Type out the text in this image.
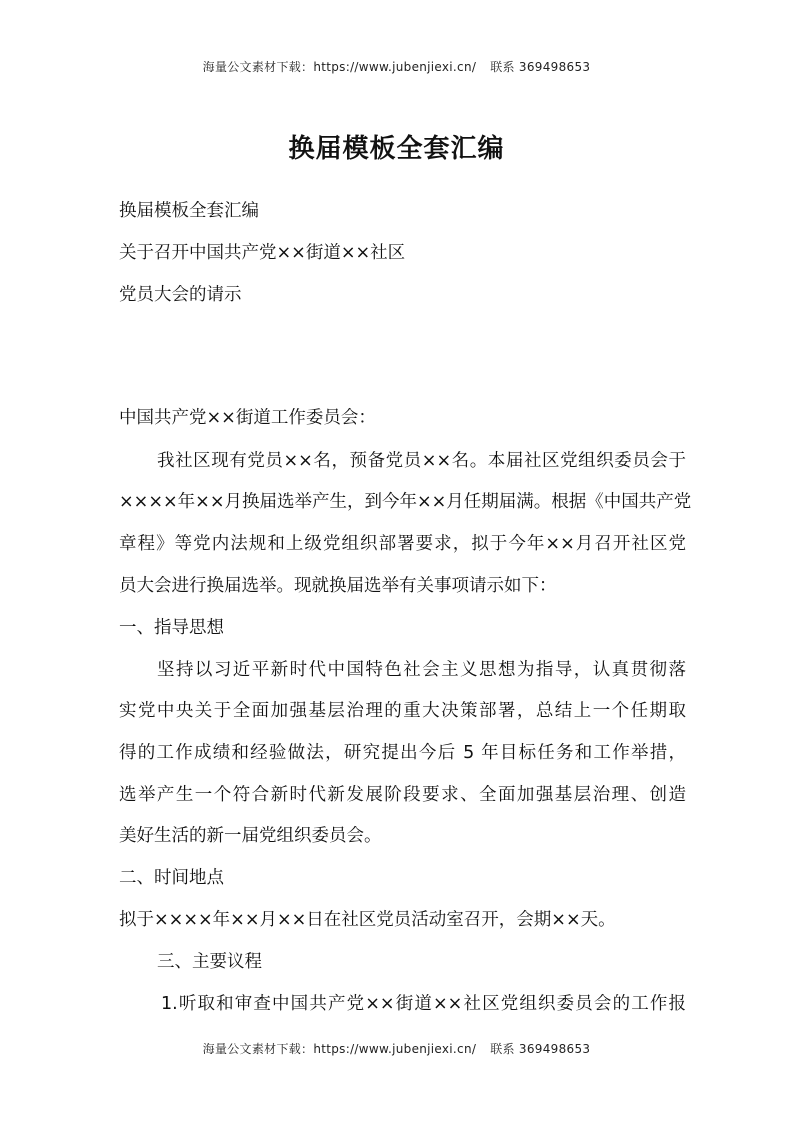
海量公文素材下载：https://www.jubenjiexi.cn/ 联系 369498653
换届模板全套汇编
换届模板全套汇编
关于召开中国共产党××街道××社区
党员大会的请示
中国共产党××街道工作委员会：
我社区现有党员××名，预备党员××名。本届社区党组织委员会于
××××年××月换届选举产生，到今年××月任期届满。根据《中国共产党
章程》等党内法规和上级党组织部署要求，拟于今年××月召开社区党
员大会进行换届选举。现就换届选举有关事项请示如下：
一、指导思想
坚持以习近平新时代中国特色社会主义思想为指导，认真贯彻落
实党中央关于全面加强基层治理的重大决策部署，总结上一个任期取
得的工作成绩和经验做法，研究提出今后 5 年目标任务和工作举措，
选举产生一个符合新时代新发展阶段要求、全面加强基层治理、创造
美好生活的新一届党组织委员会。
二、时间地点
拟于××××年××月××日在社区党员活动室召开，会期××天。
三、主要议程
1.听取和审查中国共产党××街道××社区党组织委员会的工作报
海量公文素材下载：https://www.jubenjiexi.cn/ 联系 369498653
